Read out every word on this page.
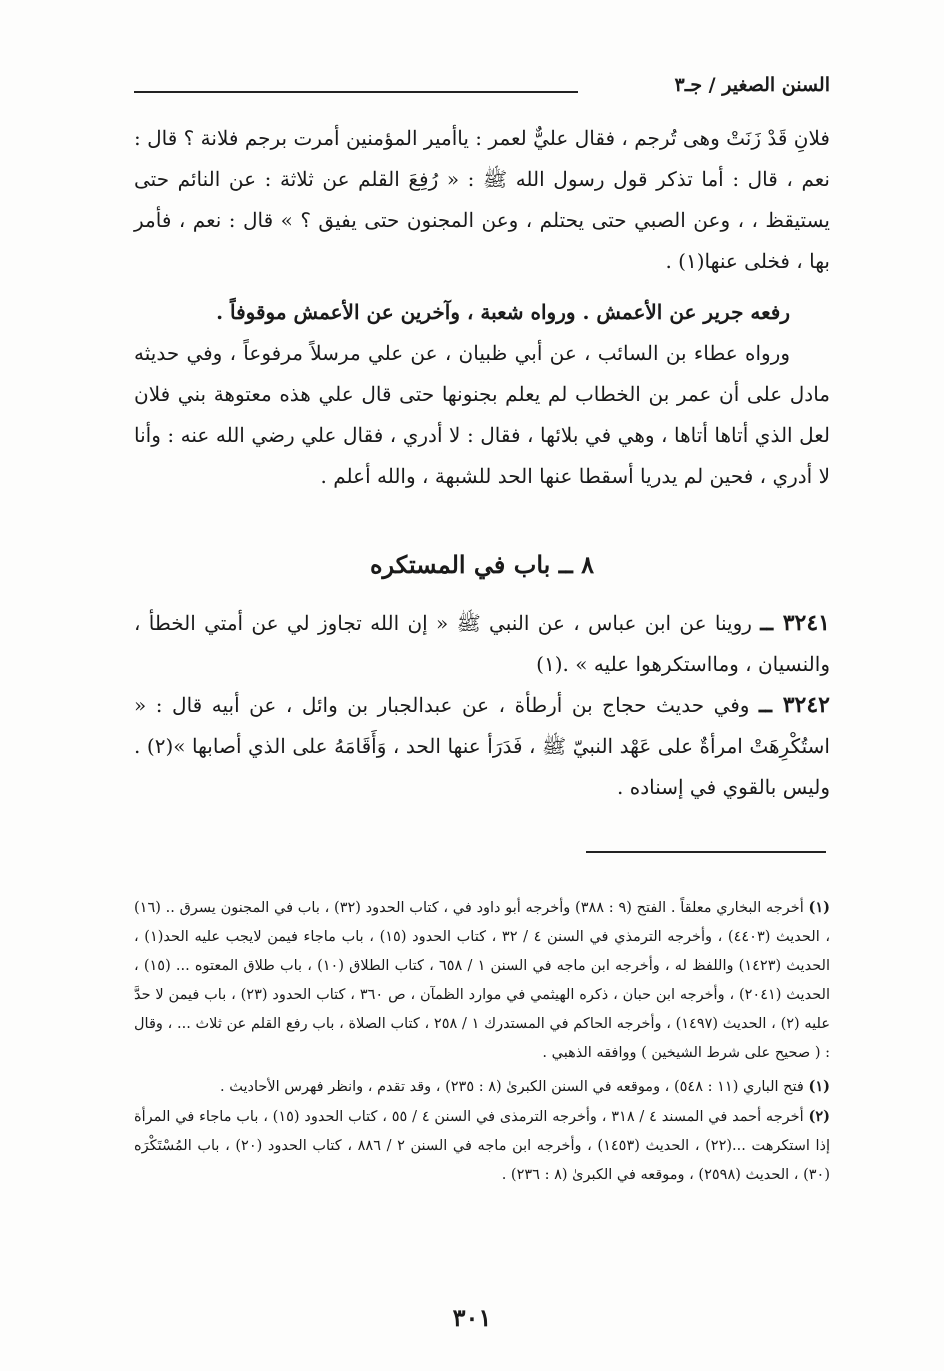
السنن الصغير / جـ٣

فلانِ قَدْ زَنَتْ وهى تُرجم ، فقال عليٌّ لعمر : ياأمير المؤمنين أمرت برجم فلانة ؟ قال : نعم ، قال : أما تذكر قول رسول الله ﷺ : « رُفِعَ القلم عن ثلاثة : عن النائم حتى يستيقظ ، ، وعن الصبي حتى يحتلم ، وعن المجنون حتى يفيق ؟ » قال : نعم ، فأمر بها ، فخلى عنها(١) .

رفعه جرير عن الأعمش . ورواه شعبة ، وآخرين عن الأعمش موقوفاً .

ورواه عطاء بن السائب ، عن أبي ظبيان ، عن علي مرسلاً مرفوعاً ، وفي حديثه مادل على أن عمر بن الخطاب لم يعلم بجنونها حتى قال علي هذه معتوهة بني فلان لعل الذي أتاها أتاها ، وهي في بلائها ، فقال : لا أدري ، فقال علي رضي الله عنه : وأنا لا أدري ، فحين لم يدريا أسقطا عنها الحد للشبهة ، والله أعلم .

٨ ــ باب في المستكره

٣٢٤١ ــ روينا عن ابن عباس ، عن النبي ﷺ « إن الله تجاوز لي عن أمتي الخطأ ، والنسيان ، ومااستكرهوا عليه » .(١)

٣٢٤٢ ــ وفي حديث حجاج بن أرطأة ، عن عبدالجبار بن وائل ، عن أبيه قال : « استُكْرِهَتْ امرأةٌ على عَهْد النبيّ ﷺ ، فَدَرَأ عنها الحد ، وَأَقَامَهُ على الذي أصابها »(٢) . وليس بالقوي في إسناده .

(١) أخرجه البخاري معلقاً . الفتح (٩ : ٣٨٨) وأخرجه أبو داود في ، كتاب الحدود (٣٢) ، باب في المجنون يسرق .. (١٦) ، الحديث (٤٤٠٣) ، وأخرجه الترمذي في السنن ٤ / ٣٢ ، كتاب الحدود (١٥) ، باب ماجاء فيمن لايجب عليه الحد(١) ، الحديث (١٤٢٣) واللفظ له ، وأخرجه ابن ماجه في السنن ١ / ٦٥٨ ، كتاب الطلاق (١٠) ، باب طلاق المعتوه ... (١٥) ، الحديث (٢٠٤١) ، وأخرجه ابن حبان ، ذكره الهيثمي في موارد الظمآن ، ص ٣٦٠ ، كتاب الحدود (٢٣) ، باب فيمن لا حدَّ عليه (٢) ، الحديث (١٤٩٧) ، وأخرجه الحاكم في المستدرك ١ / ٢٥٨ ، كتاب الصلاة ، باب رفع القلم عن ثلاث ... ، وقال : ( صحيح على شرط الشيخين ) ووافقه الذهبي .

(١) فتح الباري (١١ : ٥٤٨) ، وموقعه في السنن الكبرىٰ (٨ : ٢٣٥) ، وقد تقدم ، وانظر فهرس الأحاديث .

(٢) أخرجه أحمد في المسند ٤ / ٣١٨ ، وأخرجه الترمذى في السنن ٤ / ٥٥ ، كتاب الحدود (١٥) ، باب ماجاء في المرأة إذا استكرهت ...(٢٢) ، الحديث (١٤٥٣) ، وأخرجه ابن ماجه في السنن ٢ / ٨٨٦ ، كتاب الحدود (٢٠) ، باب المُسْتَكْرَه (٣٠) ، الحديث (٢٥٩٨) ، وموقعه في الكبرىٰ (٨ : ٢٣٦) .

٣٠١
